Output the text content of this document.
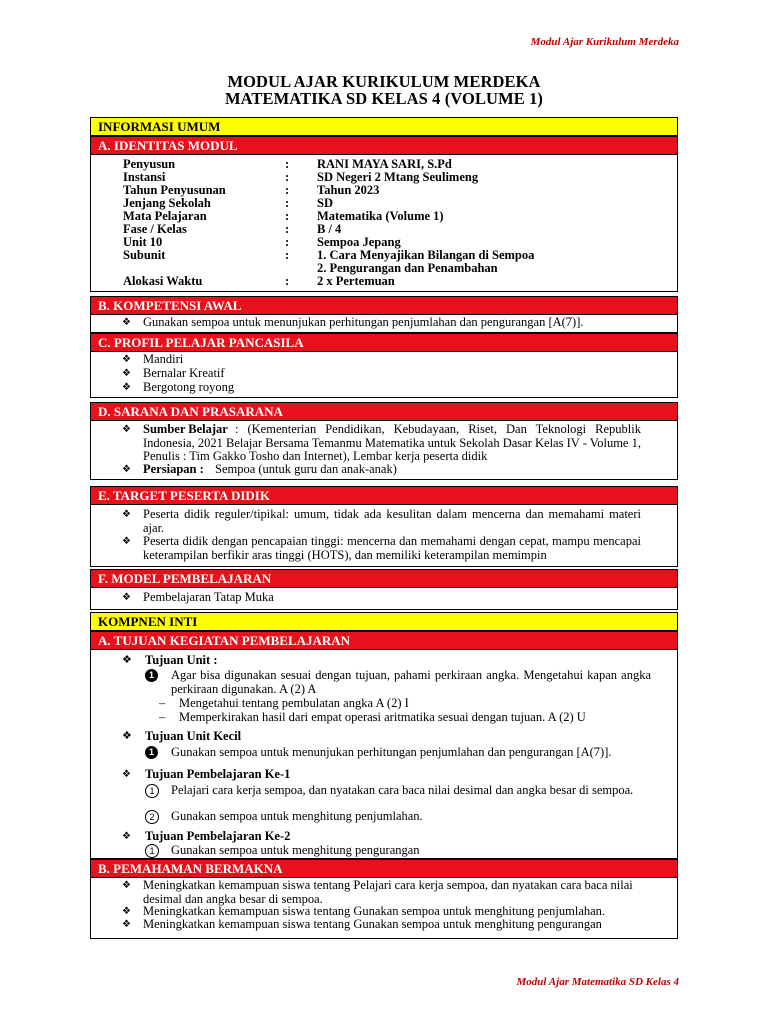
Modul Ajar Kurikulum Merdeka
MODUL AJAR KURIKULUM MERDEKA
MATEMATIKA SD KELAS 4 (VOLUME 1)
INFORMASI UMUM
A. IDENTITAS MODUL
Penyusun	: RANI MAYA SARI, S.Pd
Instansi	: SD Negeri 2 Mtang Seulimeng
Tahun Penyusunan	: Tahun 2023
Jenjang Sekolah	: SD
Mata Pelajaran	: Matematika (Volume 1)
Fase / Kelas	: B / 4
Unit 10	: Sempoa Jepang
Subunit	: 1. Cara Menyajikan Bilangan di Sempoa
2. Pengurangan dan Penambahan
Alokasi Waktu	: 2 x Pertemuan
B. KOMPETENSI AWAL
❖ Gunakan sempoa untuk menunjukan perhitungan penjumlahan dan pengurangan [A(7)].
C. PROFIL PELAJAR PANCASILA
❖ Mandiri
❖ Bernalar Kreatif
❖ Bergotong royong
D. SARANA DAN PRASARANA
❖	: (Kementerian Pendidikan, Kebudayaan, Riset, Dan Teknologi Republik Indonesia, 2021 Belajar Bersama Temanmu Matematika untuk Sekolah Dasar Kelas IV - Volume 1, Penulis : Tim Gakko Tosho dan Internet), Lembar kerja peserta didik
Sumber Belajar
❖ Persiapan : Sempoa (untuk guru dan anak-anak)
E. TARGET PESERTA DIDIK
❖ Peserta didik reguler/tipikal: umum, tidak ada kesulitan dalam mencerna dan memahami materi ajar.
❖ Peserta didik dengan pencapaian tinggi: mencerna dan memahami dengan cepat, mampu mencapai keterampilan berfikir aras tinggi (HOTS), dan memiliki keterampilan memimpin
F. MODEL PEMBELAJARAN
❖ Pembelajaran Tatap Muka
KOMPNEN INTI
A. TUJUAN KEGIATAN PEMBELAJARAN
❖ Tujuan Unit :
1	Agar bisa digunakan sesuai dengan tujuan, pahami perkiraan angka. Mengetahui kapan angka perkiraan digunakan. A (2) A
– Mengetahui tentang pembulatan angka A (2) I
– Memperkirakan hasil dari empat operasi aritmatika sesuai dengan tujuan. A (2) U
❖ Tujuan Unit Kecil
1	Gunakan sempoa untuk menunjukan perhitungan penjumlahan dan pengurangan [A(7)].
❖ Tujuan Pembelajaran Ke-1
1	Pelajari cara kerja sempoa, dan nyatakan cara baca nilai desimal dan angka besar di sempoa.
2	Gunakan sempoa untuk menghitung penjumlahan.
❖ Tujuan Pembelajaran Ke-2
1	Gunakan sempoa untuk menghitung pengurangan
B. PEMAHAMAN BERMAKNA
❖ Meningkatkan kemampuan siswa tentang Pelajari cara kerja sempoa, dan nyatakan cara baca nilai desimal dan angka besar di sempoa.
❖ Meningkatkan kemampuan siswa tentang Gunakan sempoa untuk menghitung penjumlahan.
❖ Meningkatkan kemampuan siswa tentang Gunakan sempoa untuk menghitung pengurangan
Modul Ajar Matematika SD Kelas 4
